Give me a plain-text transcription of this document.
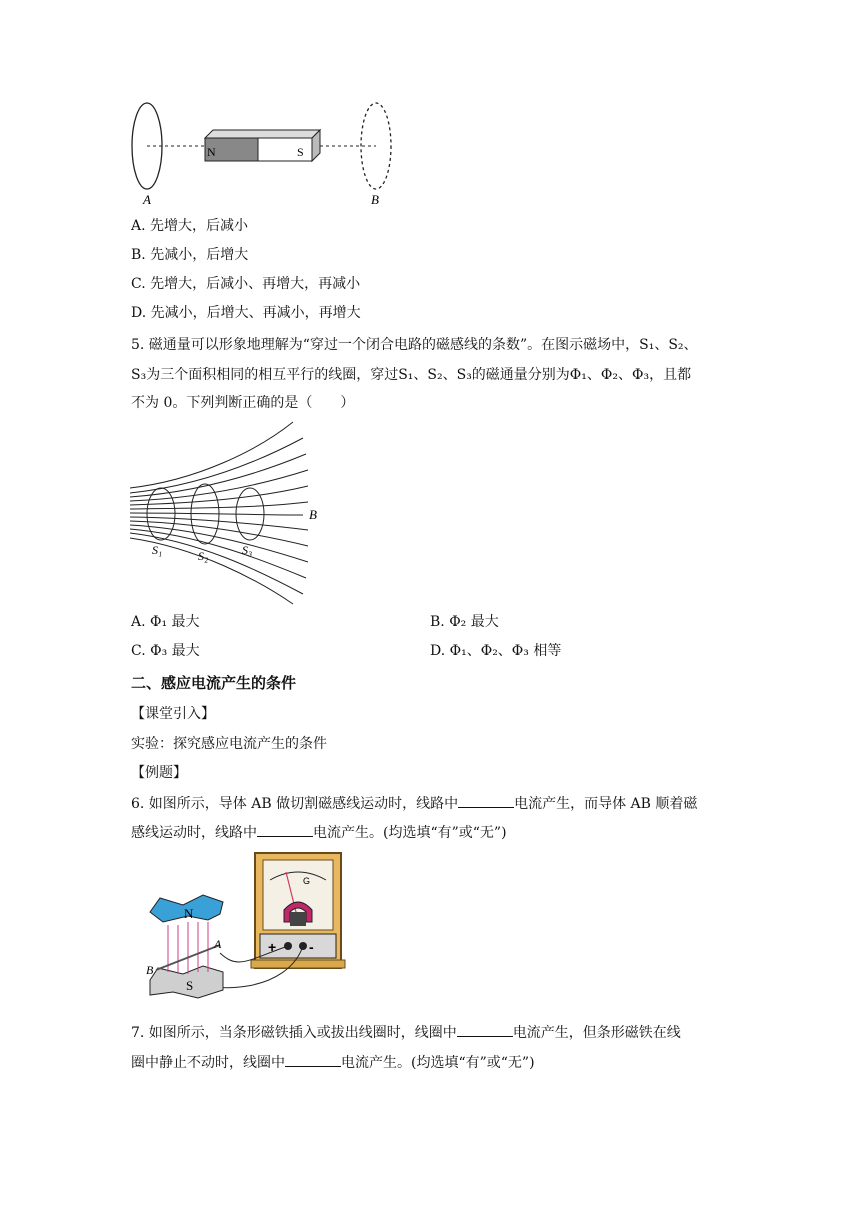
N	S
A	B
A. 先增大，后减小
B. 先减小，后增大
C. 先增大，后减小、再增大，再减小
D. 先减小，后增大、再减小，再增大
5. 磁通量可以形象地理解为“穿过一个闭合电路的磁感线的条数”。在图示磁场中，S₁、S₂、
S₃为三个面积相同的相互平行的线圈，穿过S₁、S₂、S₃的磁通量分别为Φ₁、Φ₂、Φ₃，且都
不为 0。下列判断正确的是（　　）
B
S₁	S₂	S₃
A. Φ₁ 最大	B. Φ₂ 最大
C. Φ₃ 最大	D. Φ₁、Φ₂、Φ₃ 相等
二、感应电流产生的条件
【课堂引入】
实验：探究感应电流产生的条件
【例题】
6. 如图所示，导体 AB 做切割磁感线运动时，线路中	电流产生，而导体 AB 顺着磁
感线运动时，线路中	电流产生。(均选填“有”或“无”)
G
+ -
N
S
A
B
7. 如图所示，当条形磁铁插入或拔出线圈时，线圈中	电流产生，但条形磁铁在线
圈中静止不动时，线圈中	电流产生。(均选填“有”或“无”)
